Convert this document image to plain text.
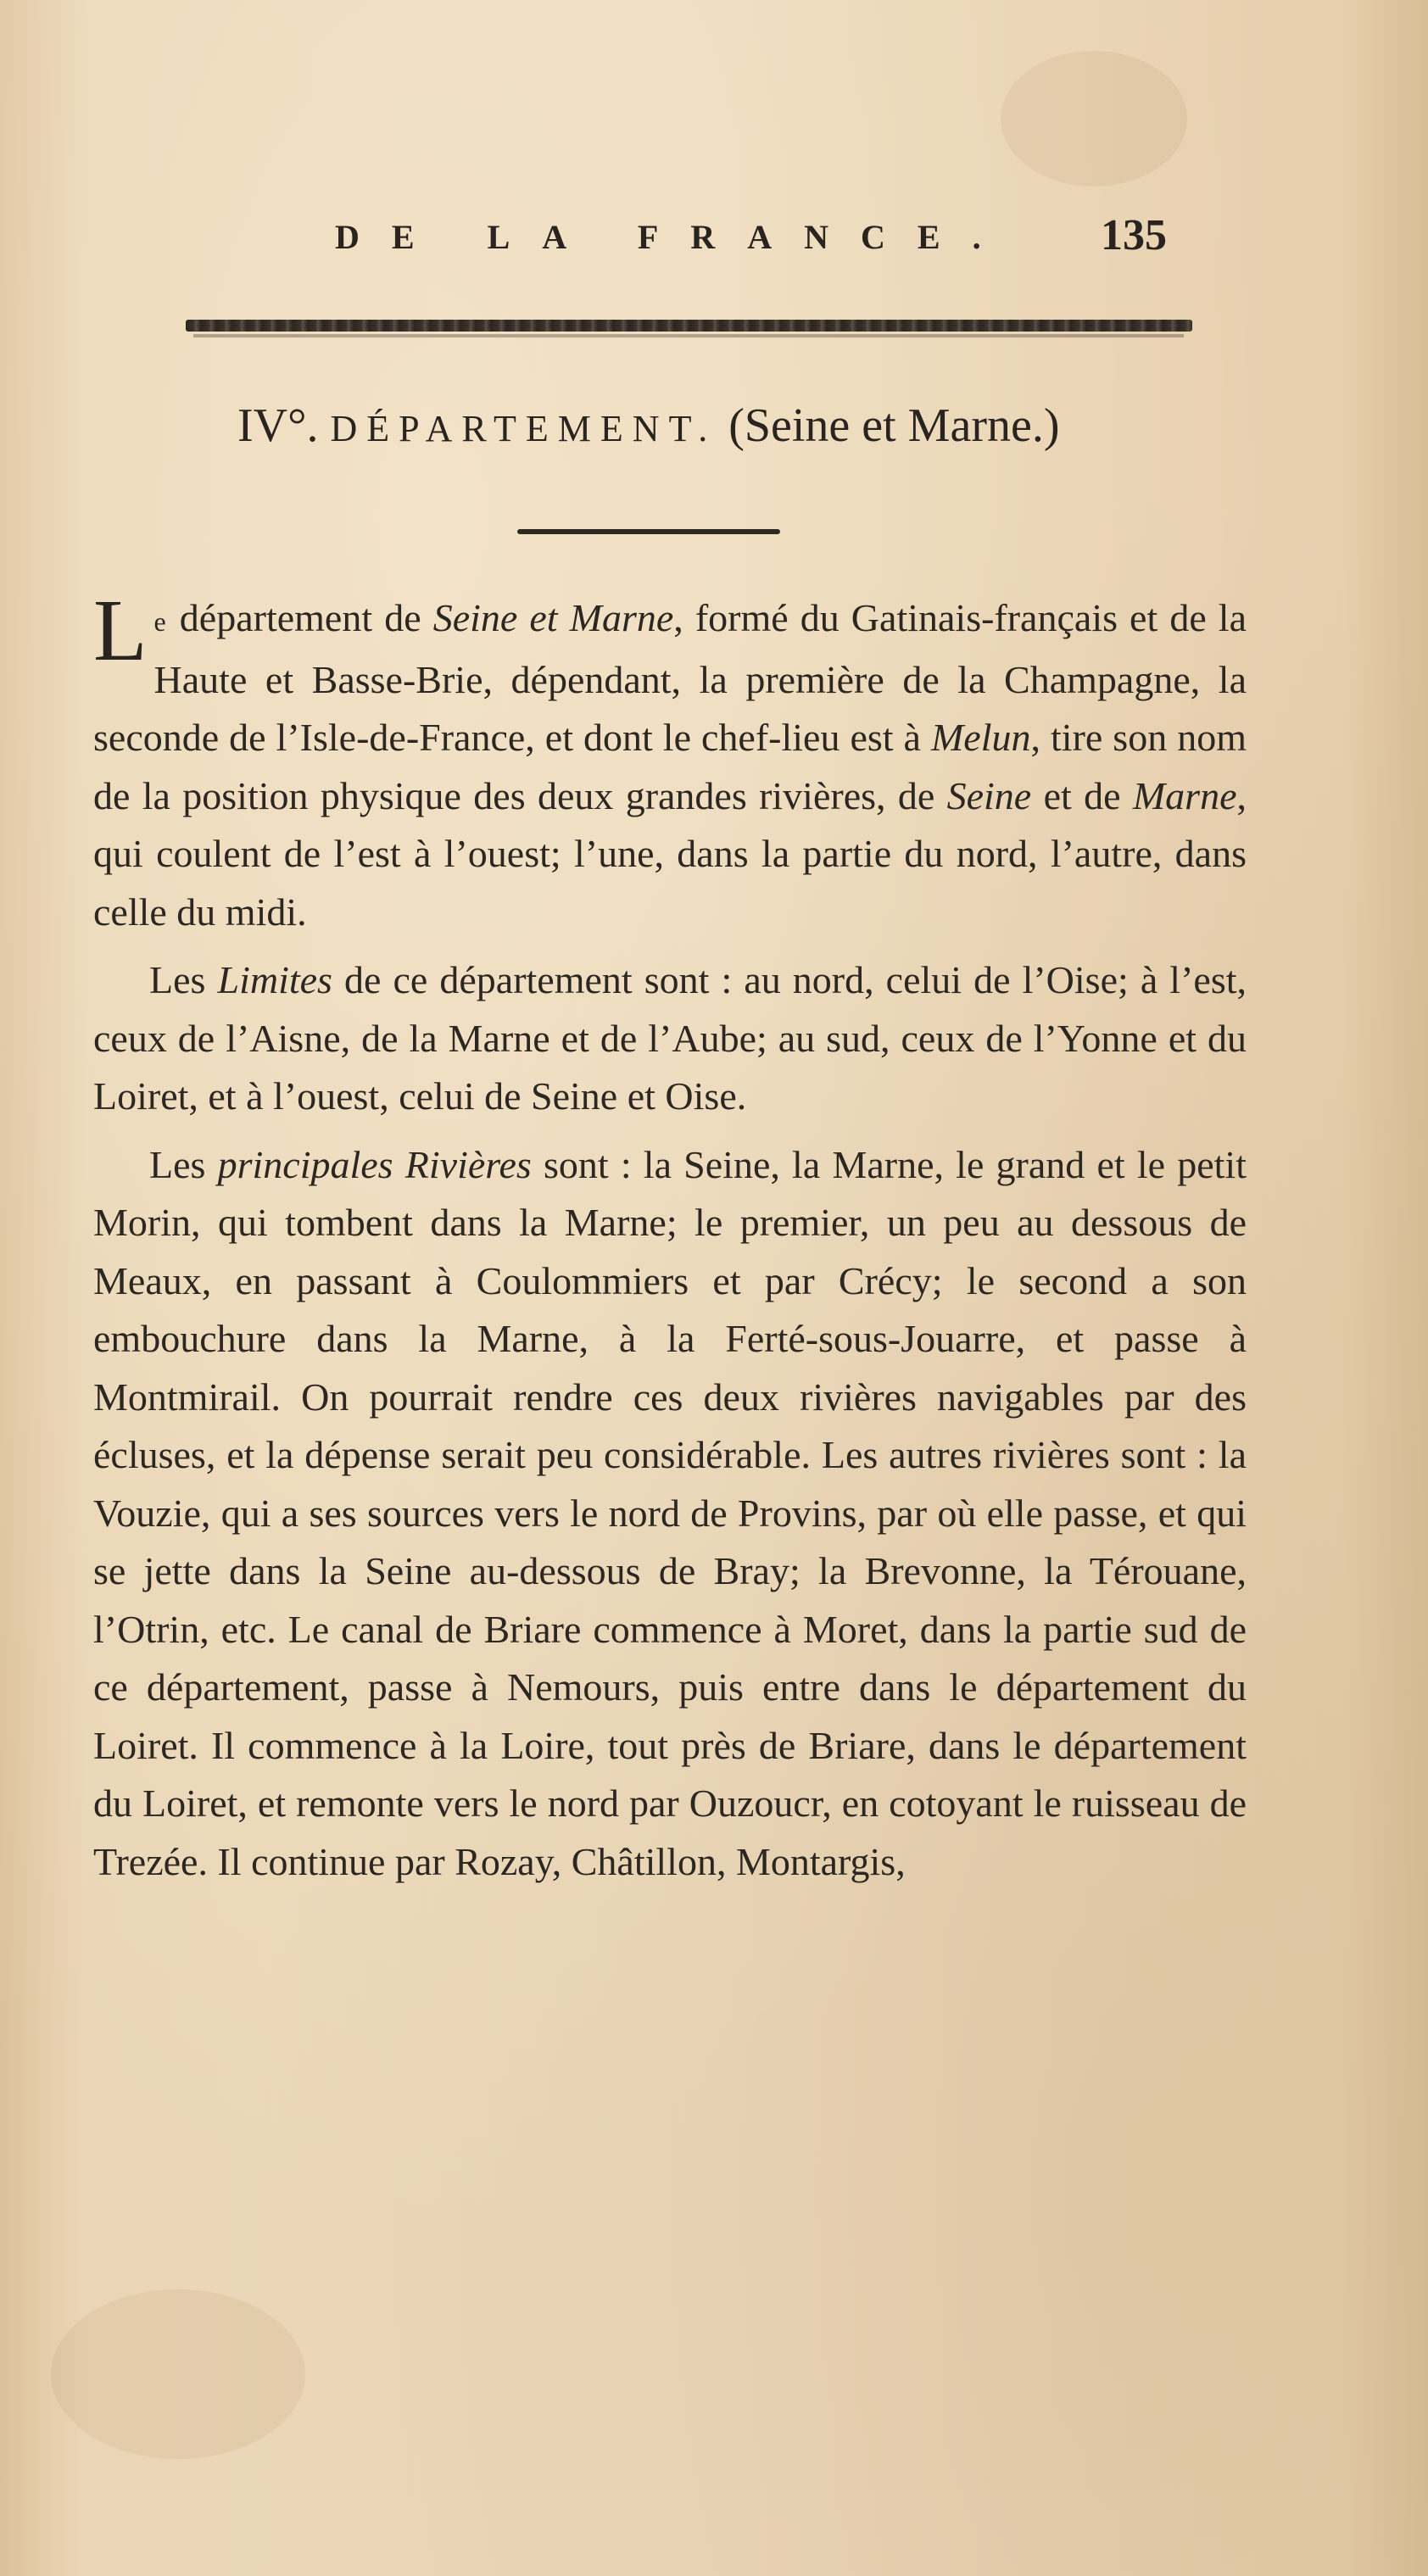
DE LA FRANCE. 135
IV°. DÉPARTEMENT. (Seine et Marne.)

Le département de Seine et Marne, formé du Gatinais-français et de la Haute et Basse-Brie, dépendant, la première de la Champagne, la seconde de l’Isle-de-France, et dont le chef-lieu est à Melun, tire son nom de la position physique des deux grandes rivières, de Seine et de Marne, qui coulent de l’est à l’ouest; l’une, dans la partie du nord, l’autre, dans celle du midi.

Les Limites de ce département sont : au nord, celui de l’Oise; à l’est, ceux de l’Aisne, de la Marne et de l’Aube; au sud, ceux de l’Yonne et du Loiret, et à l’ouest, celui de Seine et Oise.

Les principales Rivières sont : la Seine, la Marne, le grand et le petit Morin, qui tombent dans la Marne; le premier, un peu au dessous de Meaux, en passant à Coulommiers et par Crécy; le second a son embouchure dans la Marne, à la Ferté-sous-Jouarre, et passe à Montmirail. On pourrait rendre ces deux rivières navigables par des écluses, et la dépense serait peu considérable. Les autres rivières sont : la Vouzie, qui a ses sources vers le nord de Provins, par où elle passe, et qui se jette dans la Seine au-dessous de Bray; la Brevonne, la Térouane, l’Otrin, etc. Le canal de Briare commence à Moret, dans la partie sud de ce département, passe à Nemours, puis entre dans le département du Loiret. Il commence à la Loire, tout près de Briare, dans le département du Loiret, et remonte vers le nord par Ouzoucr, en cotoyant le ruisseau de Trezée. Il continue par Rozay, Châtillon, Montargis,
